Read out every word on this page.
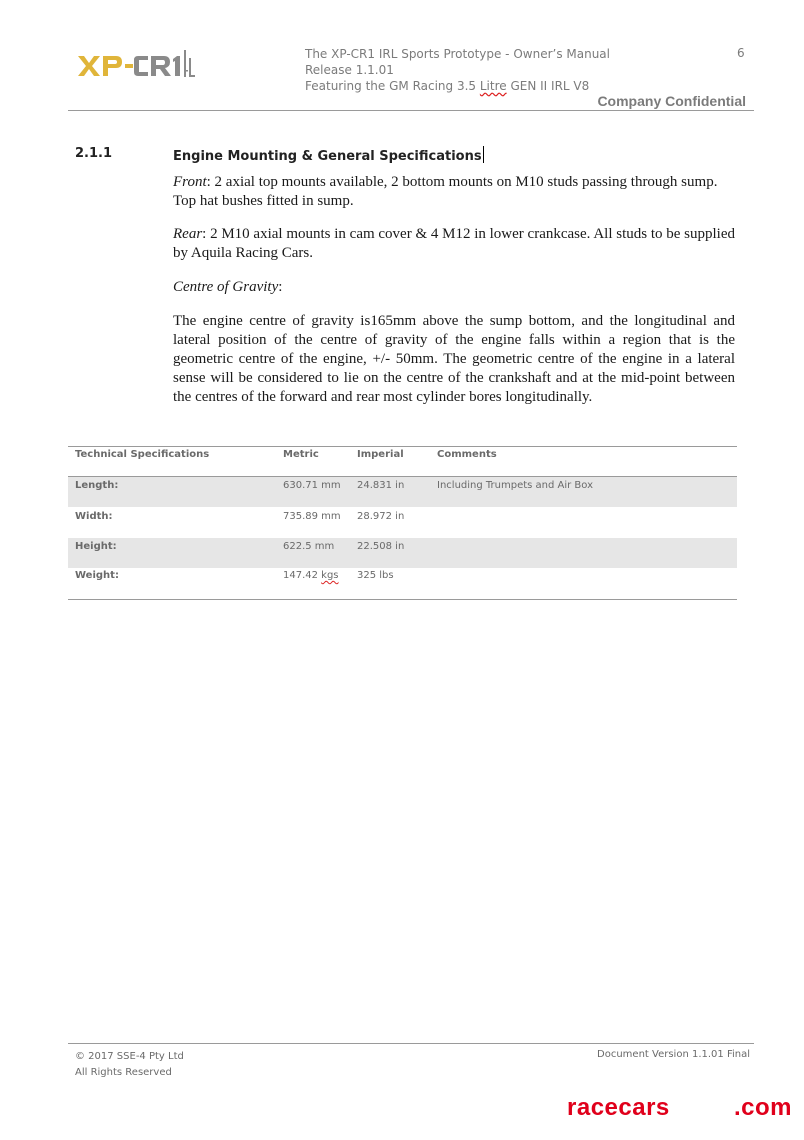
The XP-CR1 IRL Sports Prototype - Owner’s Manual
Release 1.1.01
Featuring the GM Racing 3.5 Litre GEN II IRL V8
6
Company Confidential
2.1.1	Engine Mounting & General Specifications

Front: 2 axial top mounts available, 2 bottom mounts on M10 studs passing through sump. Top hat bushes fitted in sump.

Rear: 2 M10 axial mounts in cam cover & 4 M12 in lower crankcase. All studs to be supplied by Aquila Racing Cars.

Centre of Gravity:

The engine centre of gravity is165mm above the sump bottom, and the longitudinal and lateral position of the centre of gravity of the engine falls within a region that is the geometric centre of the engine, +/- 50mm. The geometric centre of the engine in a lateral sense will be considered to lie on the centre of the crankshaft and at the mid-point between the centres of the forward and rear most cylinder bores longitudinally.

Technical Specifications	Metric	Imperial	Comments
Length:	630.71 mm 24.831 in	Including Trumpets and Air Box
Width:	735.89 mm 28.972 in
Height:	622.5 mm 22.508 in
Weight:	147.42 kgs 325 lbs
© 2017 SSE-4 Pty Ltd
All Rights Reserved
Document Version 1.1.01 Final
racecars	.com
